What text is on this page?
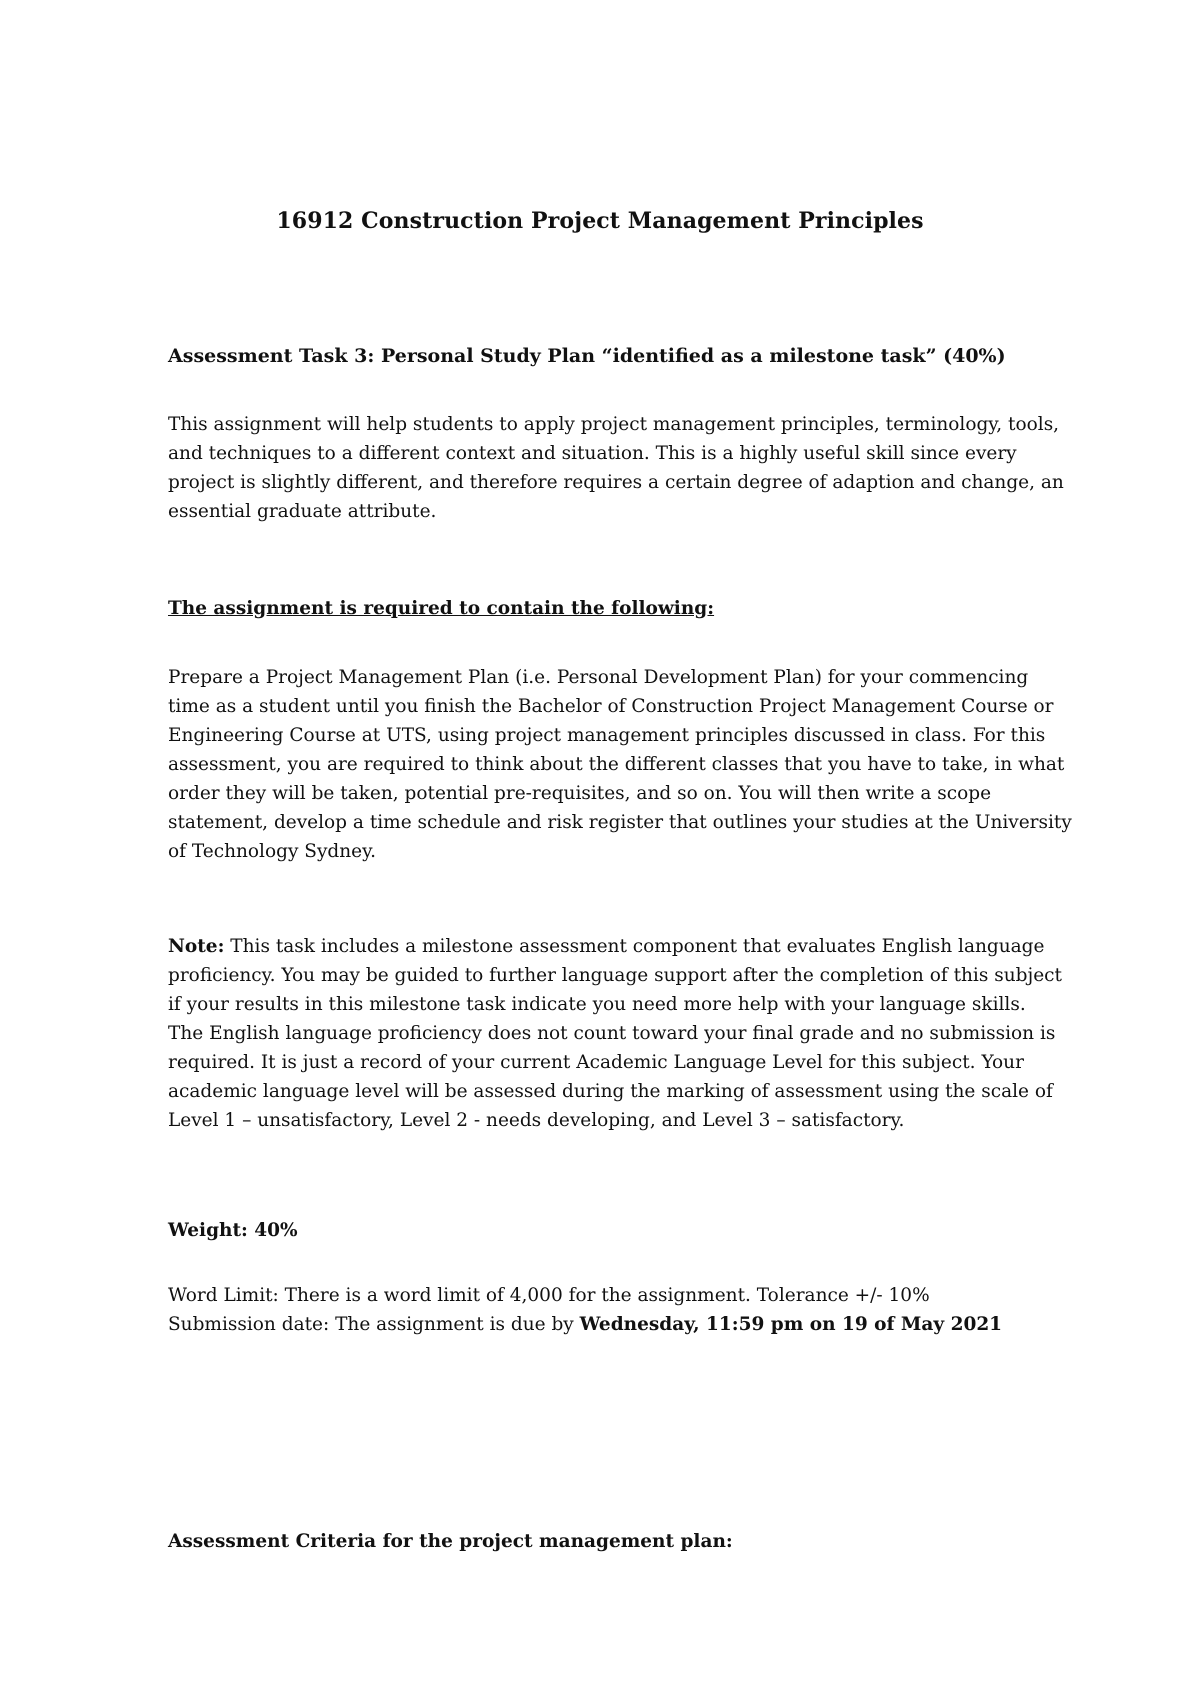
16912 Construction Project Management Principles
Assessment Task 3: Personal Study Plan “identified as a milestone task” (40%)
This assignment will help students to apply project management principles, terminology, tools,
and techniques to a different context and situation. This is a highly useful skill since every
project is slightly different, and therefore requires a certain degree of adaption and change, an
essential graduate attribute.
The assignment is required to contain the following:
Prepare a Project Management Plan (i.e. Personal Development Plan) for your commencing
time as a student until you finish the Bachelor of Construction Project Management Course or
Engineering Course at UTS, using project management principles discussed in class. For this
assessment, you are required to think about the different classes that you have to take, in what
order they will be taken, potential pre-requisites, and so on. You will then write a scope
statement, develop a time schedule and risk register that outlines your studies at the University
of Technology Sydney.
Note: This task includes a milestone assessment component that evaluates English language
proficiency. You may be guided to further language support after the completion of this subject
if your results in this milestone task indicate you need more help with your language skills.
The English language proficiency does not count toward your final grade and no submission is
required. It is just a record of your current Academic Language Level for this subject. Your
academic language level will be assessed during the marking of assessment using the scale of
Level 1 – unsatisfactory, Level 2 - needs developing, and Level 3 – satisfactory.
Weight: 40%
Word Limit: There is a word limit of 4,000 for the assignment. Tolerance +/- 10%
Submission date: The assignment is due by Wednesday, 11:59 pm on 19 of May 2021
Assessment Criteria for the project management plan:
